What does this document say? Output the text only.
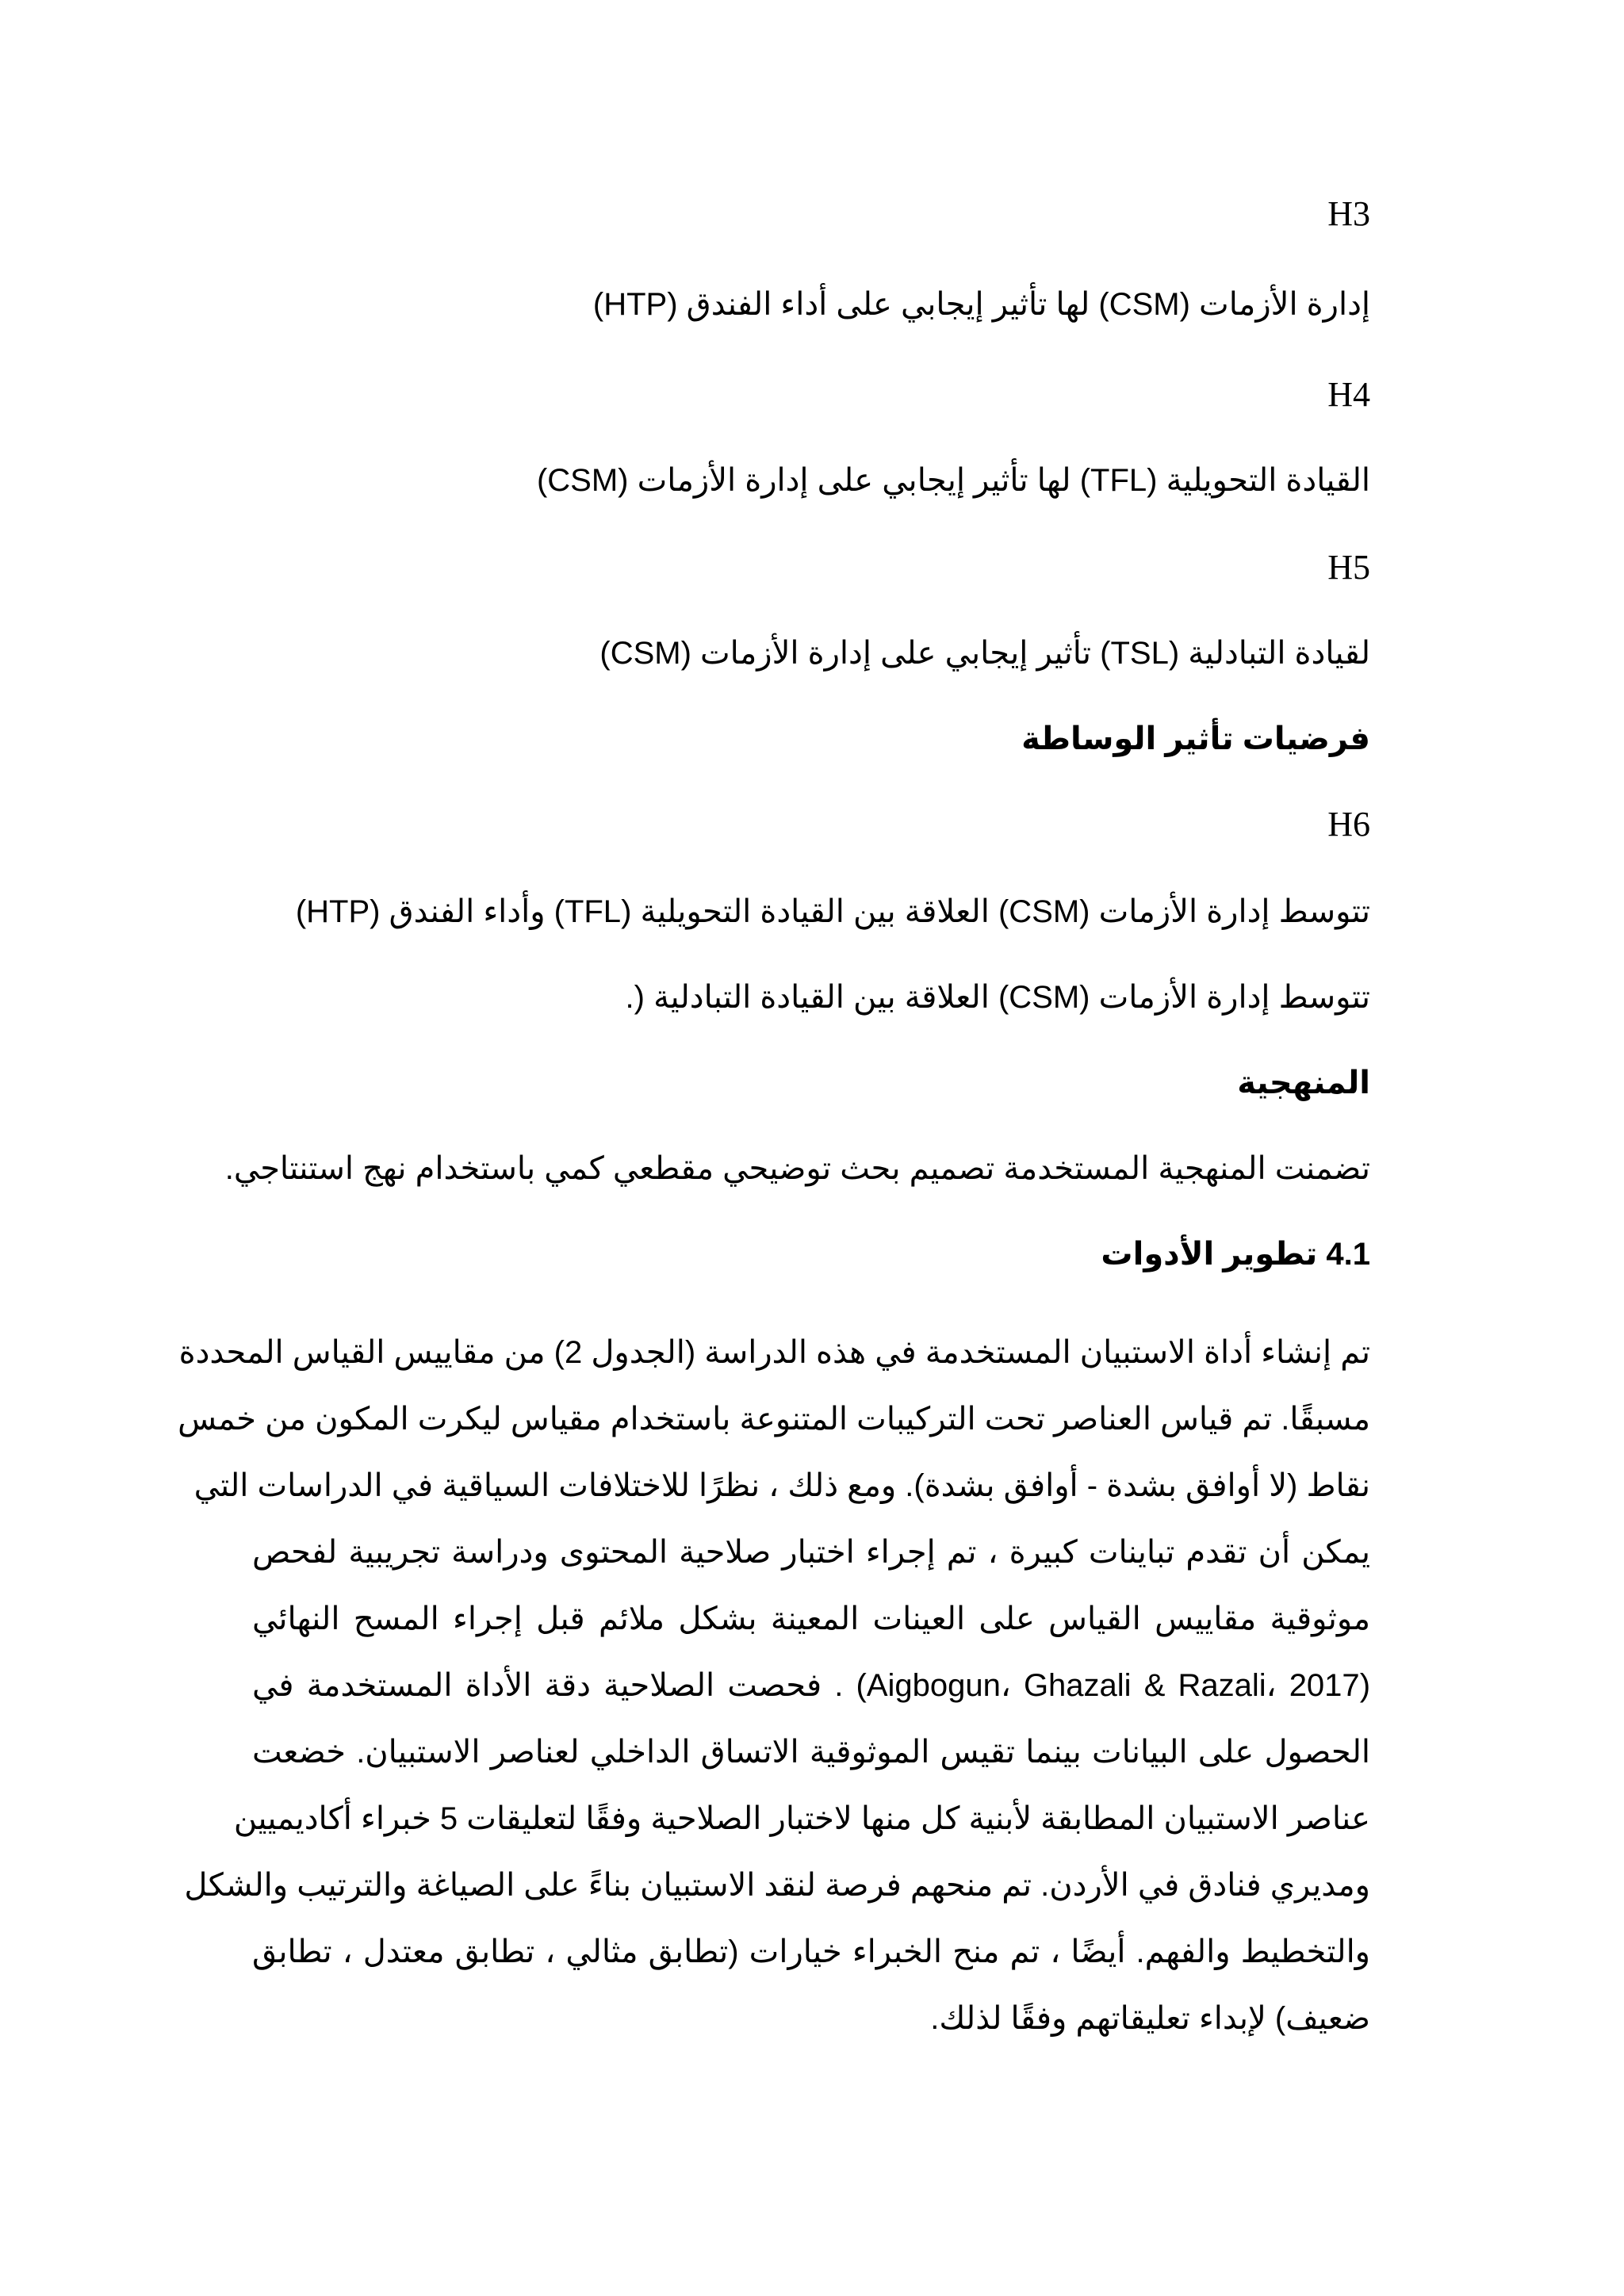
H3
إدارة الأزمات (CSM) لها تأثير إيجابي على أداء الفندق (HTP)
H4
القيادة التحويلية (TFL) لها تأثير إيجابي على إدارة الأزمات (CSM)
H5
لقيادة التبادلية (TSL) تأثير إيجابي على إدارة الأزمات (CSM)
فرضيات تأثير الوساطة
H6
تتوسط إدارة الأزمات (CSM) العلاقة بين القيادة التحويلية (TFL) وأداء الفندق (HTP)
تتوسط إدارة الأزمات (CSM) العلاقة بين القيادة التبادلية (.
المنهجية
تضمنت المنهجية المستخدمة تصميم بحث توضيحي مقطعي كمي باستخدام نهج استنتاجي.
4.1 تطوير الأدوات
تم إنشاء أداة الاستبيان المستخدمة في هذه الدراسة (الجدول 2) من مقاييس القياس المحددة
مسبقًا. تم قياس العناصر تحت التركيبات المتنوعة باستخدام مقياس ليكرت المكون من خمس
نقاط (لا أوافق بشدة - أوافق بشدة). ومع ذلك ، نظرًا للاختلافات السياقية في الدراسات التي
يمكن أن تقدم تباينات كبيرة ، تم إجراء اختبار صلاحية المحتوى ودراسة تجريبية لفحص
موثوقية مقاييس القياس على العينات المعينة بشكل ملائم قبل إجراء المسح النهائي
(Aigbogun، Ghazali & Razali، 2017) . فحصت الصلاحية دقة الأداة المستخدمة في
الحصول على البيانات بينما تقيس الموثوقية الاتساق الداخلي لعناصر الاستبيان. خضعت
عناصر الاستبيان المطابقة لأبنية كل منها لاختبار الصلاحية وفقًا لتعليقات 5 خبراء أكاديميين
ومديري فنادق في الأردن. تم منحهم فرصة لنقد الاستبيان بناءً على الصياغة والترتيب والشكل
والتخطيط والفهم. أيضًا ، تم منح الخبراء خيارات (تطابق مثالي ، تطابق معتدل ، تطابق
ضعيف) لإبداء تعليقاتهم وفقًا لذلك.
